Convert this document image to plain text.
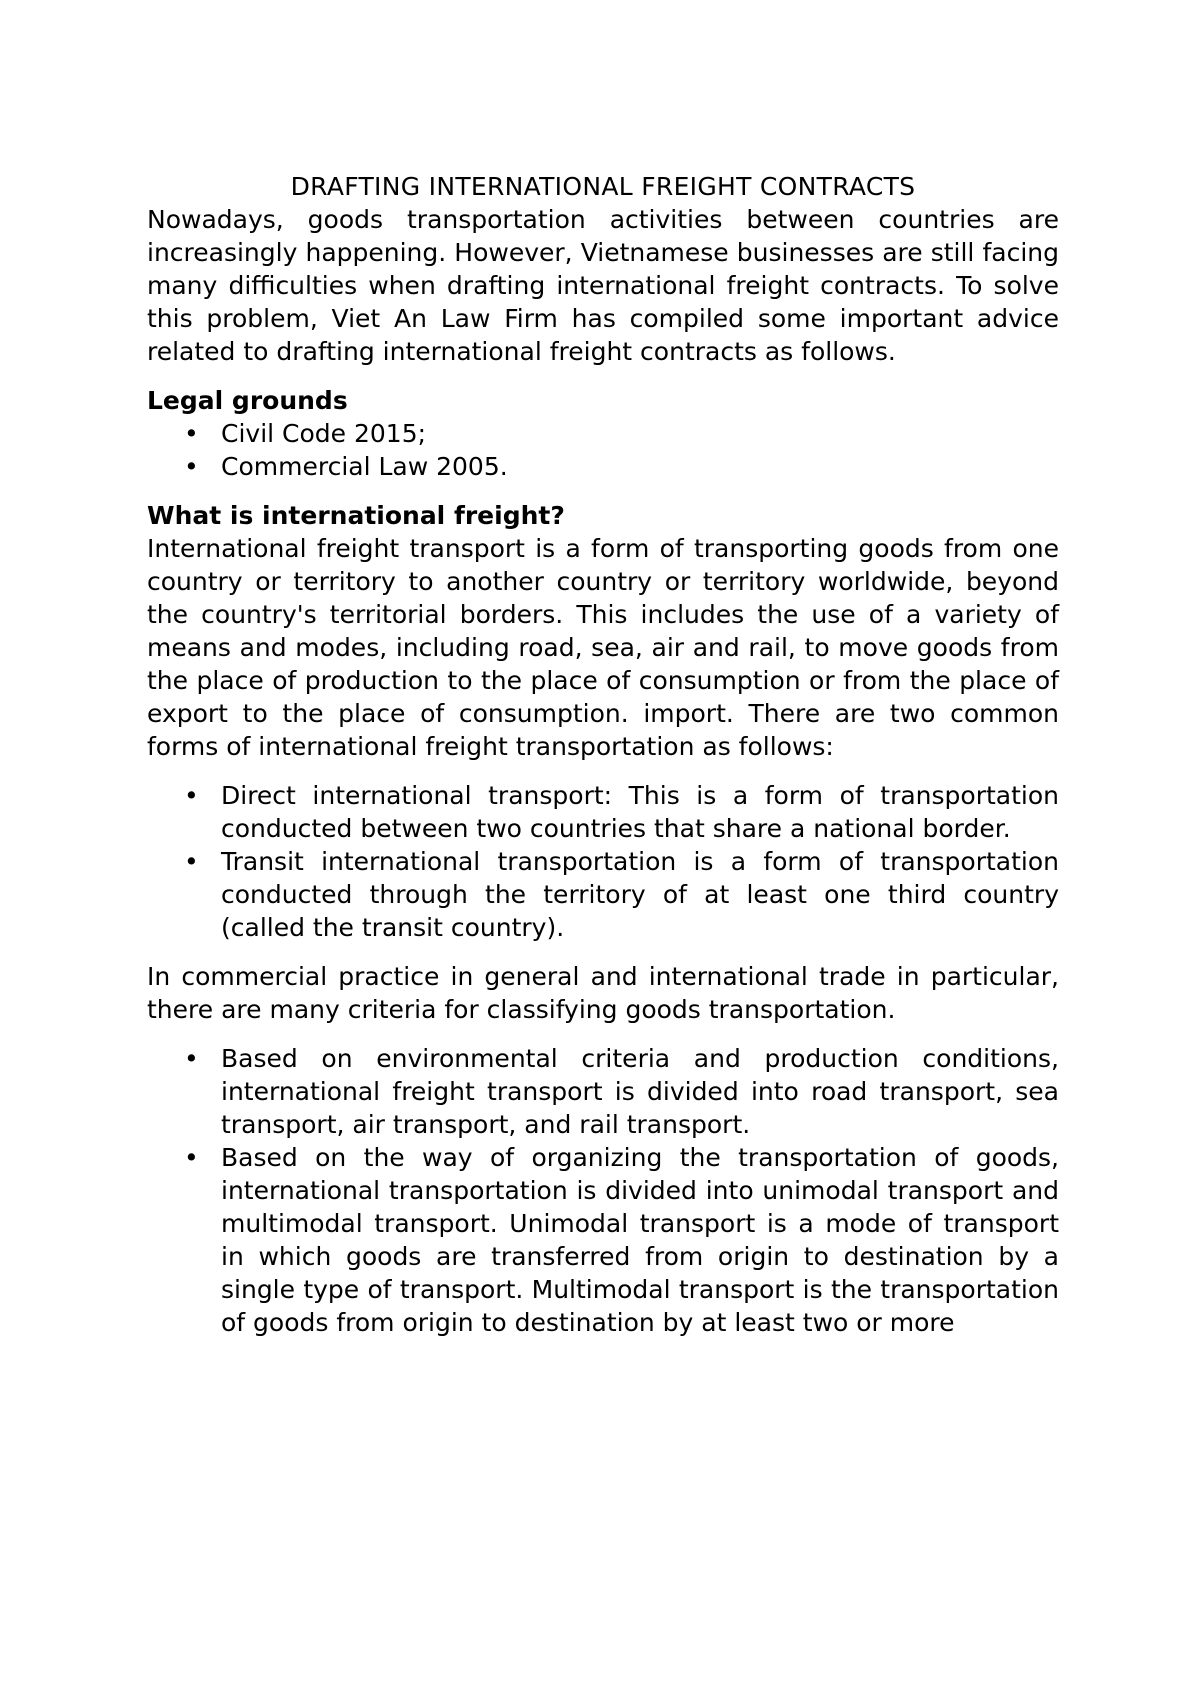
DRAFTING INTERNATIONAL FREIGHT CONTRACTS

Nowadays, goods transportation activities between countries are increasingly happening. However, Vietnamese businesses are still facing many difficulties when drafting international freight contracts. To solve this problem, Viet An Law Firm has compiled some important advice related to drafting international freight contracts as follows.

Legal grounds
• Civil Code 2015;
• Commercial Law 2005.
What is international freight?

International freight transport is a form of transporting goods from one country or territory to another country or territory worldwide, beyond the country's territorial borders. This includes the use of a variety of means and modes, including road, sea, air and rail, to move goods from the place of production to the place of consumption or from the place of export to the place of consumption. import. There are two common forms of international freight transportation as follows:

• Direct international transport: This is a form of transportation conducted between two countries that share a national border.
• Transit international transportation is a form of transportation conducted through the territory of at least one third country (called the transit country).

In commercial practice in general and international trade in particular, there are many criteria for classifying goods transportation.

• Based on environmental criteria and production conditions, international freight transport is divided into road transport, sea transport, air transport, and rail transport.
• Based on the way of organizing the transportation of goods, international transportation is divided into unimodal transport and multimodal transport. Unimodal transport is a mode of transport in which goods are transferred from origin to destination by a single type of transport. Multimodal transport is the transportation of goods from origin to destination by at least two or more
